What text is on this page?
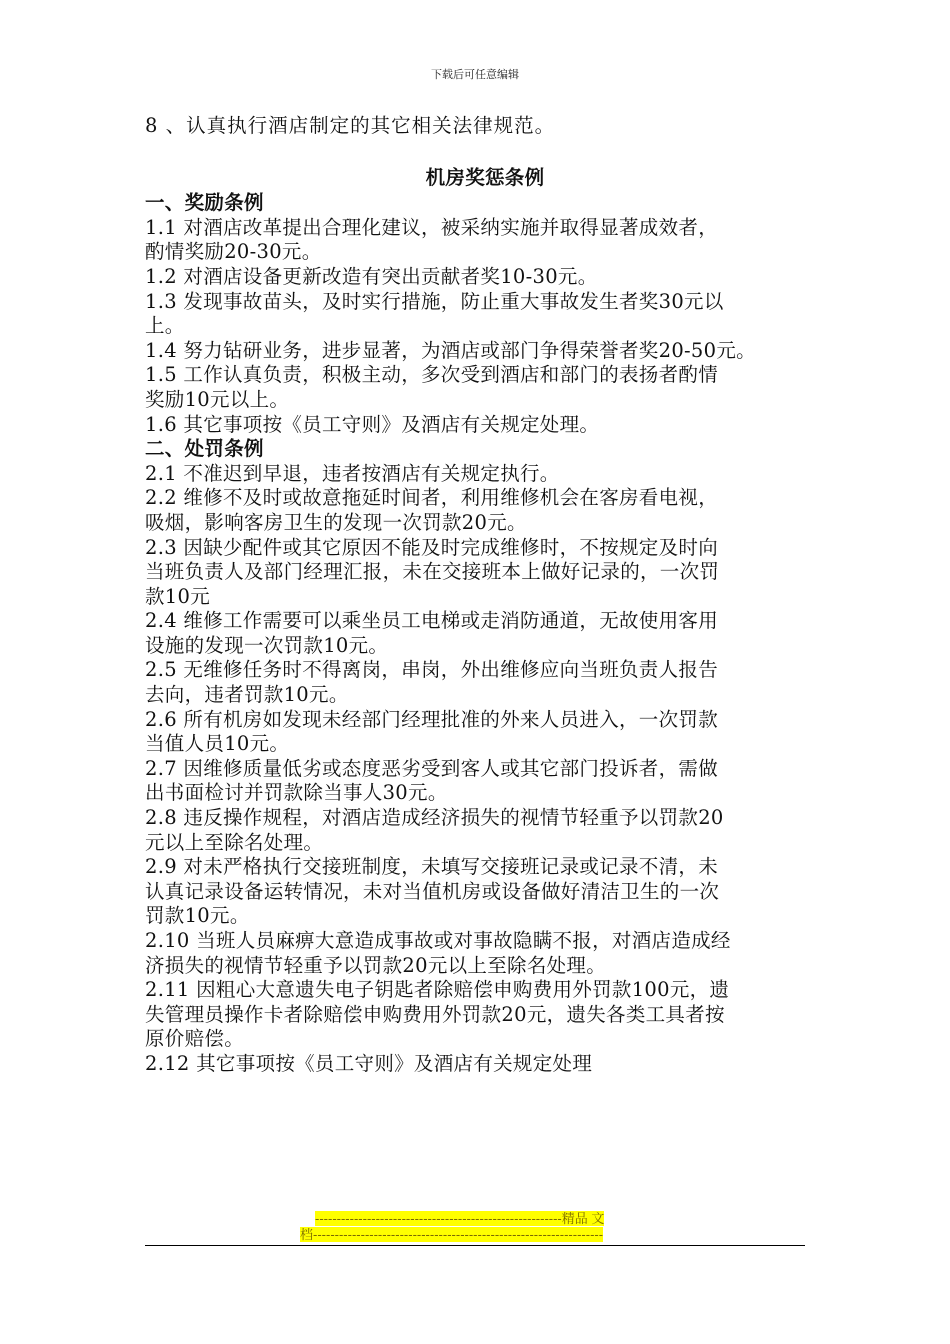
下载后可任意编辑
8 、认真执行酒店制定的其它相关法律规范。
机房奖惩条例
一、奖励条例
1.1 对酒店改革提出合理化建议，被采纳实施并取得显著成效者，
酌情奖励20-30元。
1.2 对酒店设备更新改造有突出贡献者奖10-30元。
1.3 发现事故苗头，及时实行措施，防止重大事故发生者奖30元以
上。
1.4 努力钻研业务，进步显著，为酒店或部门争得荣誉者奖20-50元。
1.5 工作认真负责，积极主动，多次受到酒店和部门的表扬者酌情
奖励10元以上。
1.6 其它事项按《员工守则》及酒店有关规定处理。
二、处罚条例
2.1 不准迟到早退，违者按酒店有关规定执行。
2.2 维修不及时或故意拖延时间者，利用维修机会在客房看电视，
吸烟，影响客房卫生的发现一次罚款20元。
2.3 因缺少配件或其它原因不能及时完成维修时，不按规定及时向
当班负责人及部门经理汇报，未在交接班本上做好记录的，一次罚
款10元
2.4 维修工作需要可以乘坐员工电梯或走消防通道，无故使用客用
设施的发现一次罚款10元。
2.5 无维修任务时不得离岗，串岗，外出维修应向当班负责人报告
去向，违者罚款10元。
2.6 所有机房如发现未经部门经理批准的外来人员进入，一次罚款
当值人员10元。
2.7 因维修质量低劣或态度恶劣受到客人或其它部门投诉者，需做
出书面检讨并罚款除当事人30元。
2.8 违反操作规程，对酒店造成经济损失的视情节轻重予以罚款20
元以上至除名处理。
2.9 对未严格执行交接班制度，未填写交接班记录或记录不清，未
认真记录设备运转情况，未对当值机房或设备做好清洁卫生的一次
罚款10元。
2.10 当班人员麻痹大意造成事故或对事故隐瞒不报，对酒店造成经
济损失的视情节轻重予以罚款20元以上至除名处理。
2.11 因粗心大意遗失电子钥匙者除赔偿申购费用外罚款100元，遗
失管理员操作卡者除赔偿申购费用外罚款20元，遗失各类工具者按
原价赔偿。
2.12 其它事项按《员工守则》及酒店有关规定处理
---------------------------------------------------------精品 文
档-------------------------------------------------------------------
